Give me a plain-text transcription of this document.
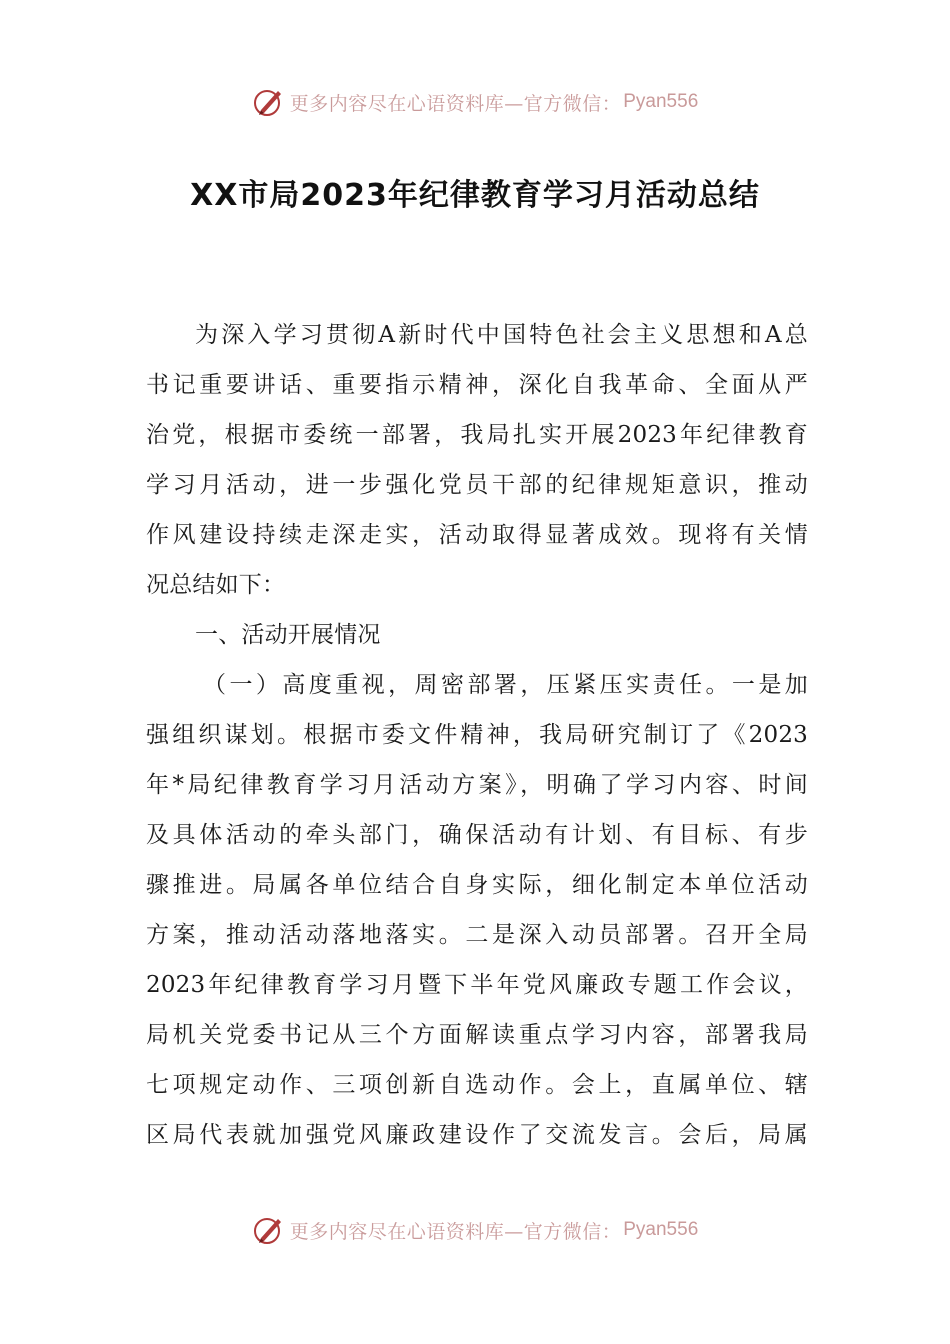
更多内容尽在心语资料库—官方微信： Pyan556
XX市局2023年纪律教育学习月活动总结
为深入学习贯彻A新时代中国特色社会主义思想和A总
书记重要讲话、重要指示精神，深化自我革命、全面从严
治党，根据市委统一部署，我局扎实开展2023年纪律教育
学习月活动，进一步强化党员干部的纪律规矩意识，推动
作风建设持续走深走实，活动取得显著成效。现将有关情
况总结如下：
一、活动开展情况
（一）高度重视，周密部署，压紧压实责任。一是加
强组织谋划。根据市委文件精神，我局研究制订了《2023
年*局纪律教育学习月活动方案》，明确了学习内容、时间
及具体活动的牵头部门，确保活动有计划、有目标、有步
骤推进。局属各单位结合自身实际，细化制定本单位活动
方案，推动活动落地落实。二是深入动员部署。召开全局
2023年纪律教育学习月暨下半年党风廉政专题工作会议，
局机关党委书记从三个方面解读重点学习内容，部署我局
七项规定动作、三项创新自选动作。会上，直属单位、辖
区局代表就加强党风廉政建设作了交流发言。会后，局属
更多内容尽在心语资料库—官方微信： Pyan556
